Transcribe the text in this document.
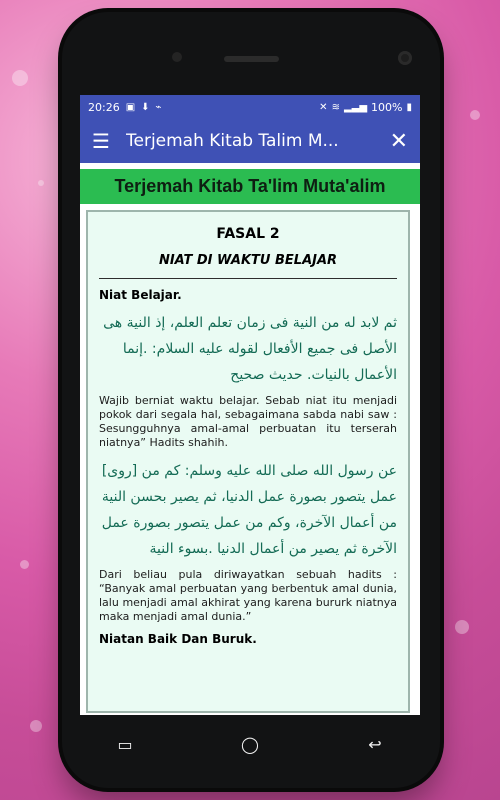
20:26 ▣ ⬇ ⌁	✕ ≋ ▂▃▅ 100% ▮
☰ Terjemah Kitab Talim M...	✕
Terjemah Kitab Ta'lim Muta'alim
FASAL 2
NIAT DI WAKTU BELAJAR
Niat Belajar.
ثم لابد له من النية فى زمان تعلم العلم، إذ النية هى الأصل فى جميع الأفعال لقوله عليه السلام: .إنما الأعمال بالنيات. حديث صحيح
Wajib berniat waktu belajar. Sebab niat itu menjadi pokok dari segala hal, sebagaimana sabda nabi saw : Sesungguhnya amal-amal perbuatan itu terserah niatnya” Hadits shahih.
عن رسول الله صلى الله عليه وسلم: كم من [روى] عمل يتصور بصورة عمل الدنيا، ثم يصير بحسن النية من أعمال الآخرة، وكم من عمل يتصور بصورة عمل الآخرة ثم يصير من أعمال الدنيا .بسوء النية
Dari beliau pula diriwayatkan sebuah hadits : “Banyak amal perbuatan yang berbentuk amal dunia, lalu menjadi amal akhirat yang karena bururk niatnya maka menjadi amal dunia.”
Niatan Baik Dan Buruk.
▭	◯	↩
